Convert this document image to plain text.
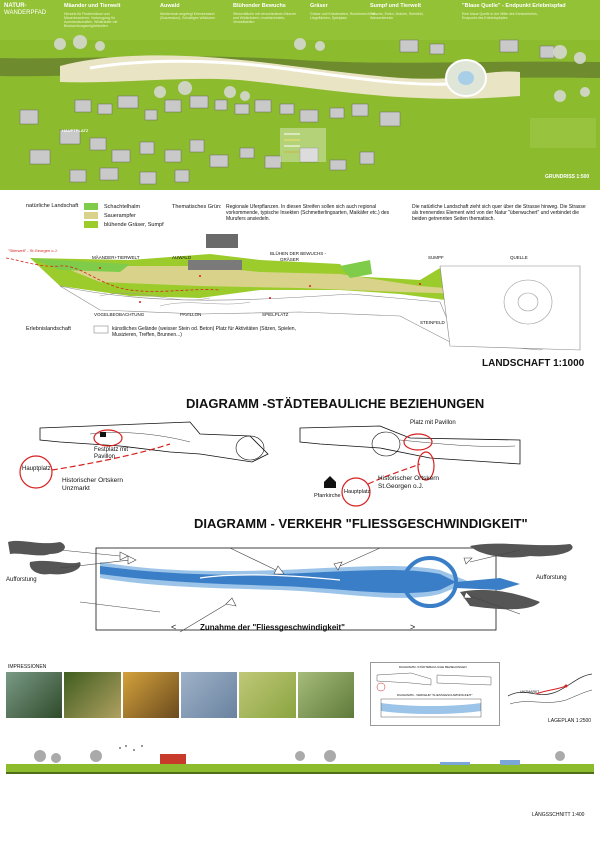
NATUR-
WANDERPFAD
Mäander und Tierwelt
Hinweis für Fledermäuse und Mauerbewohner, Vorbeugung für Auenlandschaften, Wildkräuter mit Beobachtungsmöglichkeiten
Auwald
Weidenhain angelegt Erlenbestand (Sukzession), Schattiges Wäldchen
Blühender Bewuchs
Wiesenfläche mit verschiedenen Blumen und Wildkräutern, Insektenhotels, Verweilstellen
Gräser
Gräser und Kräuterarten, Ruhebereich mit Liegeflächen, Spielplatz
Sumpf und Tierwelt
Frösche, Enten, Molche, Steinfeld, Wasserbereich
"Blaue Quelle" - Endpunkt Erlebnispfad
Eine blaue Quelle in der Mitte des Kreisverkehrs, Endpunkt des Erlebnispfades
HAUPTPLATZ
GRUNDRISS 1:500
natürliche Landschaft	Schachtelhalm
Sauerampfer
blühende Gräser, Sumpf
Thematisches Grün: Regionale Uferpflanzen. In diesen Streifen sollen sich auch regional vorkommende, typische Insekten (Schmetterlingsarten, Maikäfer etc.) des Murufers ansiedeln.
Die natürliche Landschaft zieht sich quer über die Strasse hinweg. Die Strasse als trennendes Element wird von der Natur "überwuchert" und verbindet die beiden getrennten Seiten thematisch.
"Stierwelt" - St.Georgen o.J.
MÄANDER+TIERWELT	AUWALD
BLÜHEN DER BEWUCHS -
GRÄSER	SUMPF	QUELLE
VOGELBEOBACHTUNG	PAVILLON	SPIELPLATZ
STEINFELD
Erlebnislandschaft	künstliches Gelände (weisser Stein od. Beton) Platz für Aktivitäten (Sitzen, Spielen, Musizieren, Treffen, Brunnen...)
LANDSCHAFT 1:1000
DIAGRAMM -STÄDTEBAULICHE BEZIEHUNGEN
Festplatz mit Pavillon
Hauptplatz
Historischer Ortskern
Unzmarkt
Platz mit Pavillon
Pfarrkirche
Hauptplatz
Historischer Ortskern
St.Georgen o.J.
DIAGRAMM - VERKEHR "FLIESSGESCHWINDIGKEIT"
Aufforstung	Aufforstung
<	Zunahme der "Fliessgeschwindigkeit"	>
IMPRESSIONEN	DIAGRAMM -STÄDTEBAULICHE BEZIEHUNGEN
DIAGRAMM - VERKEHR "FLIESSGESCHWINDIGKEIT"
UNZMARKT
LAGEPLAN 1:2500
LÄNGSSCHNITT 1:400
